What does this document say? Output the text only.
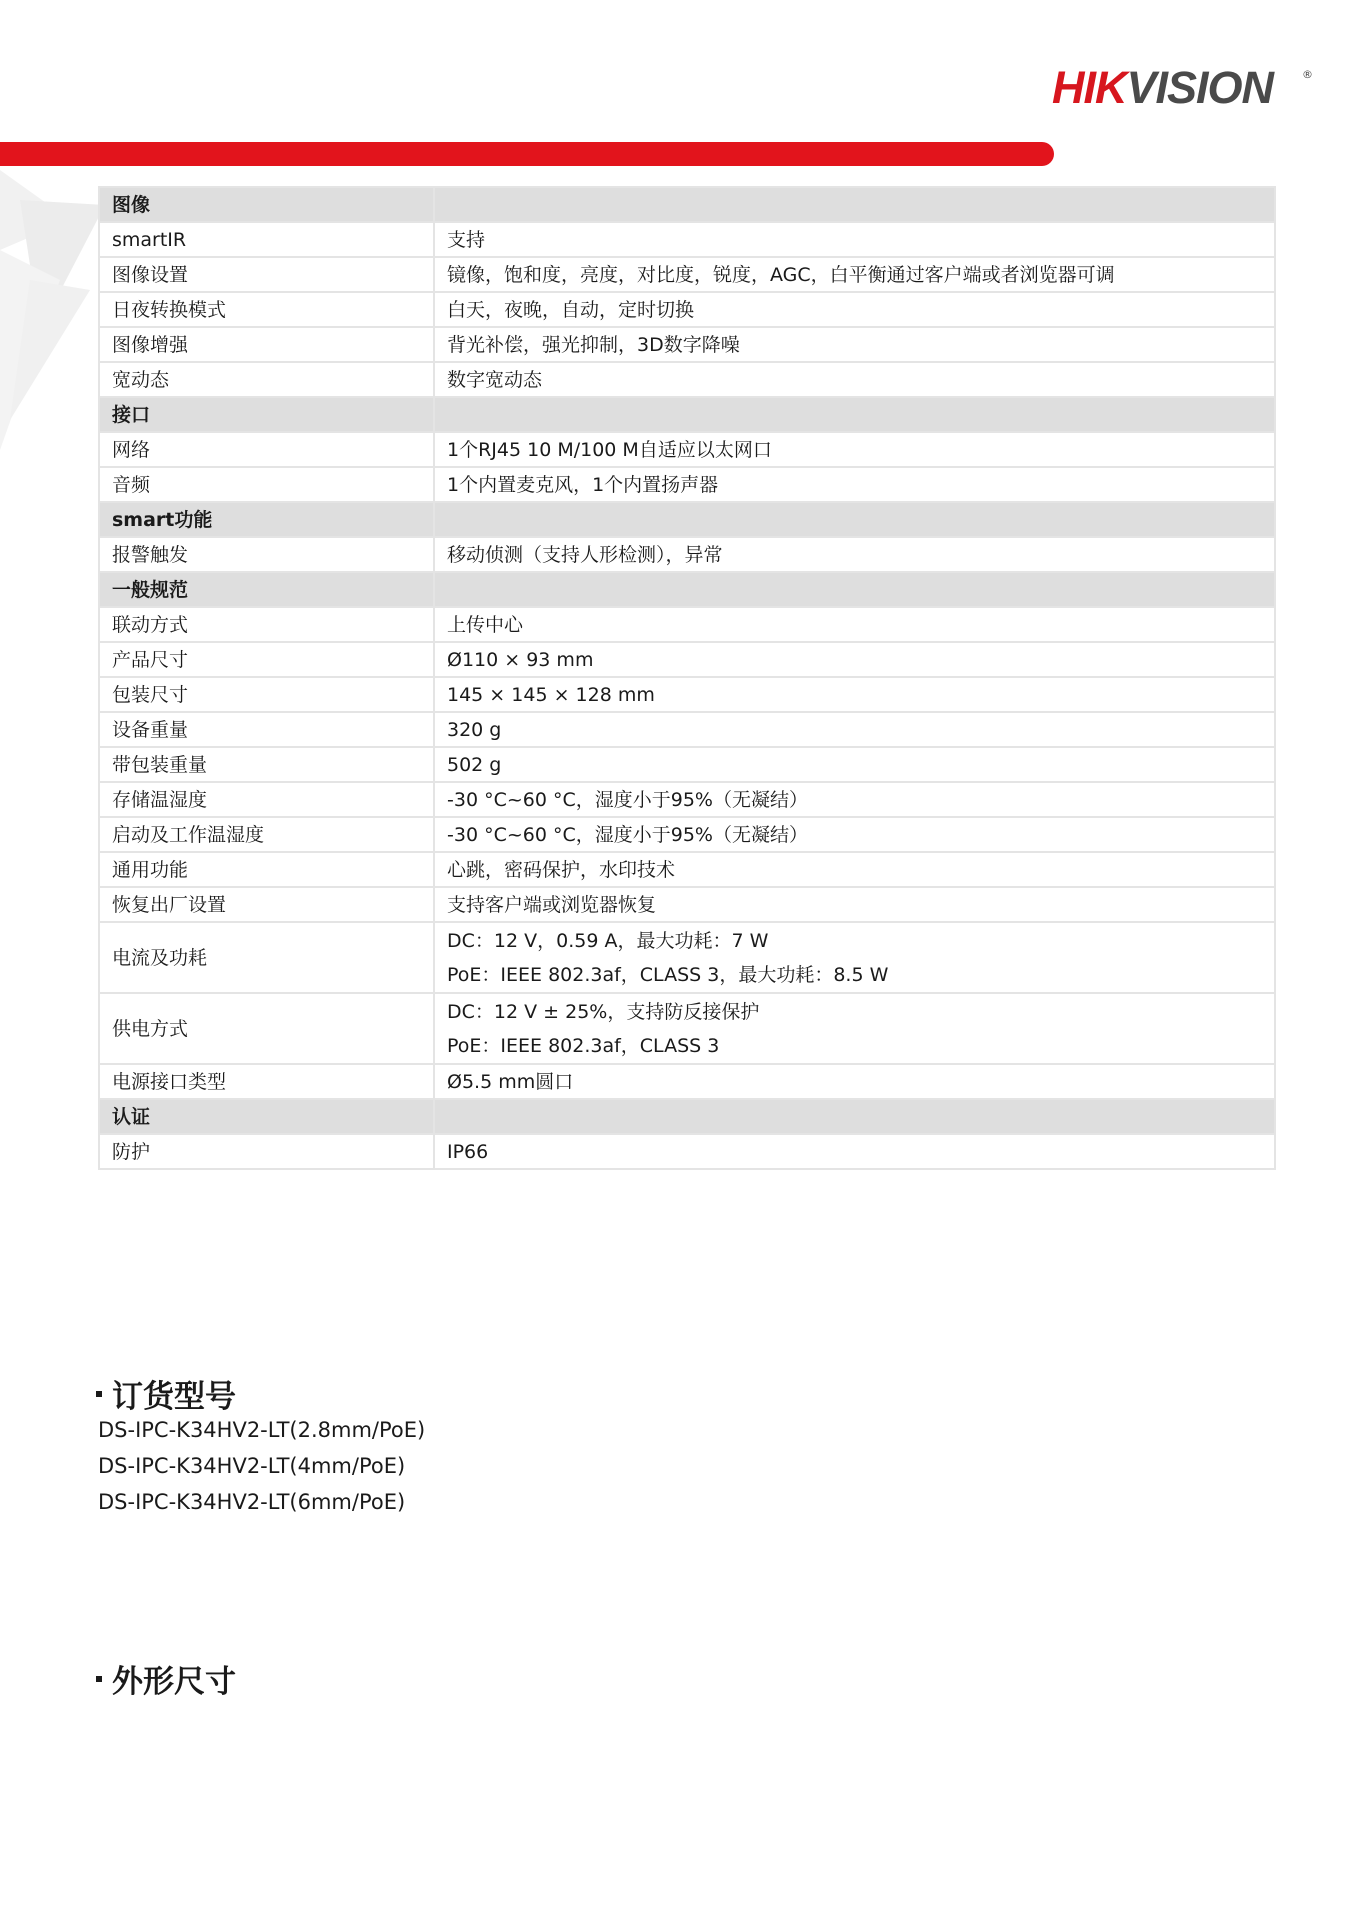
HIKVISION	®
图像	
smartIR	支持
图像设置	镜像，饱和度，亮度，对比度，锐度，AGC，白平衡通过客户端或者浏览器可调
日夜转换模式	白天，夜晚，自动，定时切换
图像增强	背光补偿，强光抑制，3D数字降噪
宽动态	数字宽动态
接口	
网络	1个RJ45 10 M/100 M自适应以太网口
音频	1个内置麦克风，1个内置扬声器
smart功能	
报警触发	移动侦测（支持人形检测），异常
一般规范	
联动方式	上传中心
产品尺寸	Ø110 × 93 mm
包装尺寸	145 × 145 × 128 mm
设备重量	320 g
带包装重量	502 g
存储温湿度	-30 °C~60 °C，湿度小于95%（无凝结）
启动及工作温湿度	-30 °C~60 °C，湿度小于95%（无凝结）
通用功能	心跳，密码保护，水印技术
恢复出厂设置	支持客户端或浏览器恢复
电流及功耗	DC：12 V，0.59 A，最大功耗：7 W
PoE：IEEE 802.3af，CLASS 3，最大功耗：8.5 W

供电方式	DC：12 V ± 25%，支持防反接保护
PoE：IEEE 802.3af，CLASS 3

电源接口类型	Ø5.5 mm圆口
认证	
防护	IP66
订货型号
DS-IPC-K34HV2-LT(2.8mm/PoE)
DS-IPC-K34HV2-LT(4mm/PoE)
DS-IPC-K34HV2-LT(6mm/PoE)
外形尺寸
